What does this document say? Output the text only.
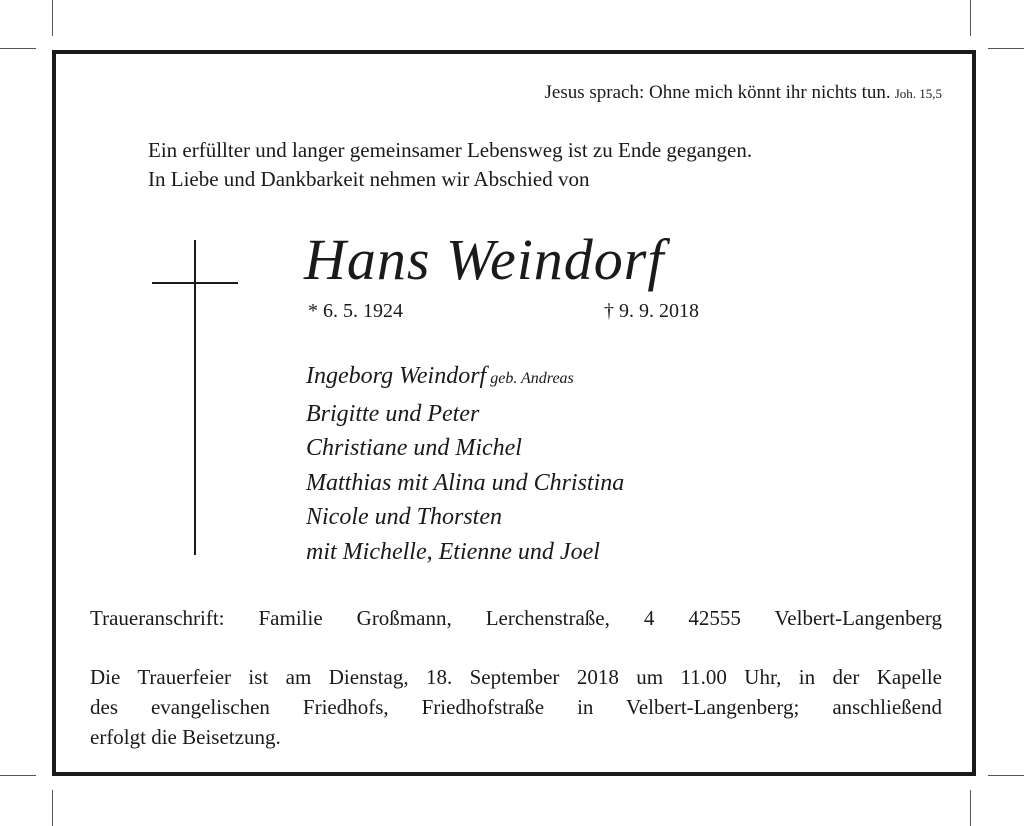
Jesus sprach: Ohne mich könnt ihr nichts tun. Joh. 15,5
Ein erfüllter und langer gemeinsamer Lebensweg ist zu Ende gegangen.
In Liebe und Dankbarkeit nehmen wir Abschied von
Hans Weindorf
* 6. 5. 1924	† 9. 9. 2018
Ingeborg Weindorf geb. Andreas
Brigitte und Peter
Christiane und Michel
Matthias mit Alina und Christina
Nicole und Thorsten
mit Michelle, Etienne und Joel
Traueranschrift: Familie Großmann, Lerchenstraße, 4 42555 Velbert-Langenberg
Die Trauerfeier ist am Dienstag, 18. September 2018 um 11.00 Uhr, in der Kapelle
des evangelischen Friedhofs, Friedhofstraße in Velbert-Langenberg; anschließend
erfolgt die Beisetzung.
